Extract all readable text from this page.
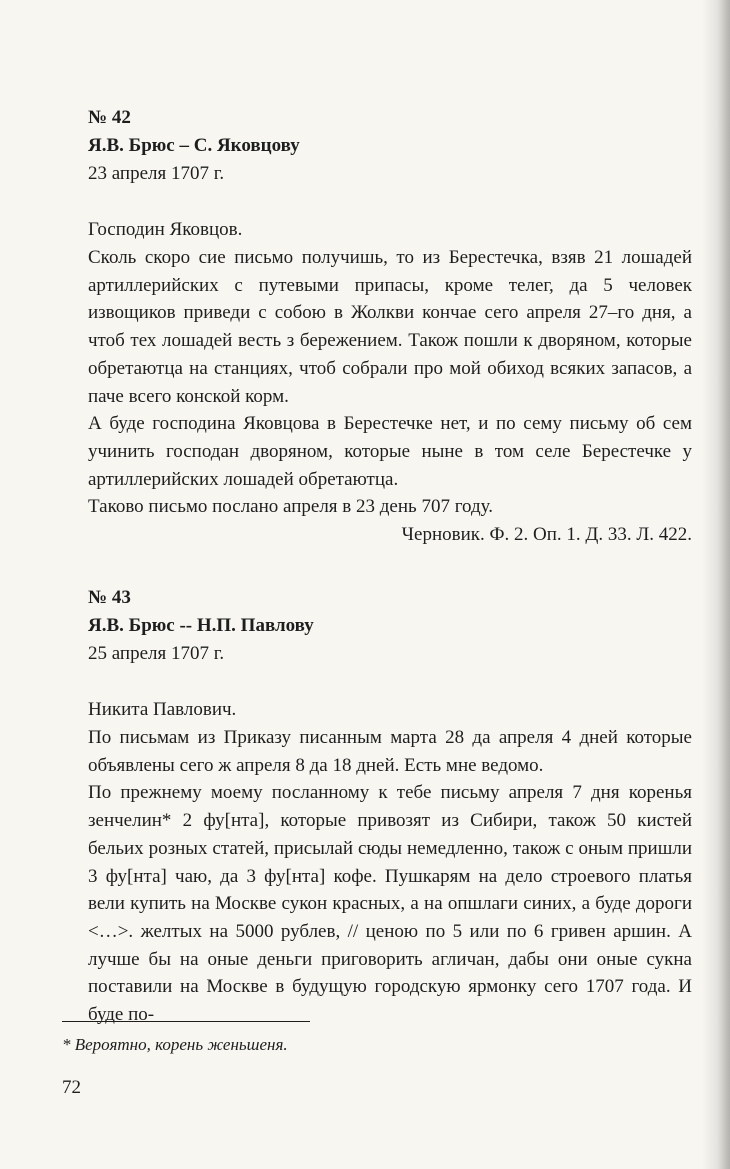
№ 42

Я.В. Брюс – С. Яковцову

23 апреля 1707 г.

Господин Яковцов.

Сколь скоро сие письмо получишь, то из Берестечка, взяв 21 лошадей артиллерийских с путевыми припасы, кроме телег, да 5 человек извощиков приведи с собою в Жолкви кончае сего апреля 27–го дня, а чтоб тех лошадей весть з бережением. Також пошли к дворяном, которые обретаютца на станциях, чтоб собрали про мой обиход всяких запасов, а паче всего конской корм.

А буде господина Яковцова в Берестечке нет, и по сему письму об сем учинить господан дворяном, которые ныне в том селе Берестечке у артиллерийских лошадей обретаютца.

Таково письмо послано апреля в 23 день 707 году.

Черновик. Ф. 2. Оп. 1. Д. 33. Л. 422.

№ 43

Я.В. Брюс -- Н.П. Павлову

25 апреля 1707 г.

Никита Павлович.

По письмам из Приказу писанным марта 28 да апреля 4 дней которые объявлены сего ж апреля 8 да 18 дней. Есть мне ведомо.

По прежнему моему посланному к тебе письму апреля 7 дня коренья зенчелин* 2 фу[нта], которые привозят из Сибири, також 50 кистей бельих розных статей, присылай сюды немедленно, також с оным пришли 3 фу[нта] чаю, да 3 фу[нта] кофе. Пушкарям на дело строевого платья вели купить на Москве сукон красных, а на опшлаги синих, а буде дороги <…>. желтых на 5000 рублев, // ценою по 5 или по 6 гривен аршин. А лучше бы на оные деньги приговорить агличан, дабы они оные сукна поставили на Москве в будущую городскую ярмонку сего 1707 года. И буде по-

* Вероятно, корень женьшеня.
72
